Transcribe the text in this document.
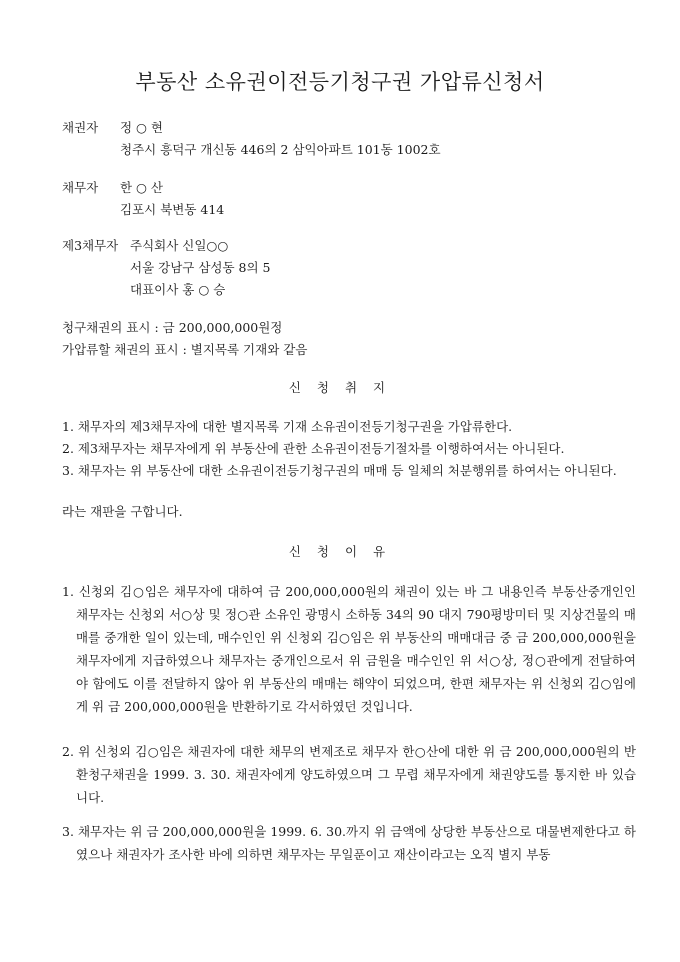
부동산 소유권이전등기청구권 가압류신청서
채권자 정 ○ 현
청주시 흥덕구 개신동 446의 2 삼익아파트 101동 1002호
채무자 한 ○ 산
김포시 북변동 414
제3채무자 주식회사 신일○○
서울 강남구 삼성동 8의 5
대표이사 홍 ○ 승
청구채권의 표시 : 금 200,000,000원정
가압류할 채권의 표시 : 별지목록 기재와 같음
신 청 취 지
1. 채무자의 제3채무자에 대한 별지목록 기재 소유권이전등기청구권을 가압류한다.
2. 제3채무자는 채무자에게 위 부동산에 관한 소유권이전등기절차를 이행하여서는 아니된다.
3. 채무자는 위 부동산에 대한 소유권이전등기청구권의 매매 등 일체의 처분행위를 하여서는 아니된다.
라는 재판을 구합니다.
신 청 이 유
1. 신청외 김○임은 채무자에 대하여 금 200,000,000원의 채권이 있는 바 그 내용인즉 부동산중개인인 채무자는 신청외 서○상 및 정○관 소유인 광명시 소하동 34의 90 대지 790평방미터 및 지상건물의 매매를 중개한 일이 있는데, 매수인인 위 신청외 김○임은 위 부동산의 매매대금 중 금 200,000,000원을 채무자에게 지급하였으나 채무자는 중개인으로서 위 금원을 매수인인 위 서○상, 정○관에게 전달하여야 함에도 이를 전달하지 않아 위 부동산의 매매는 해약이 되었으며, 한편 채무자는 위 신청외 김○임에게 위 금 200,000,000원을 반환하기로 각서하였던 것입니다.
2. 위 신청외 김○임은 채권자에 대한 채무의 변제조로 채무자 한○산에 대한 위 금 200,000,000원의 반환청구채권을 1999. 3. 30. 채권자에게 양도하였으며 그 무렵 채무자에게 채권양도를 통지한 바 있습니다.
3. 채무자는 위 금 200,000,000원을 1999. 6. 30.까지 위 금액에 상당한 부동산으로 대물변제한다고 하였으나 채권자가 조사한 바에 의하면 채무자는 무일푼이고 재산이라고는 오직 별지 부동
